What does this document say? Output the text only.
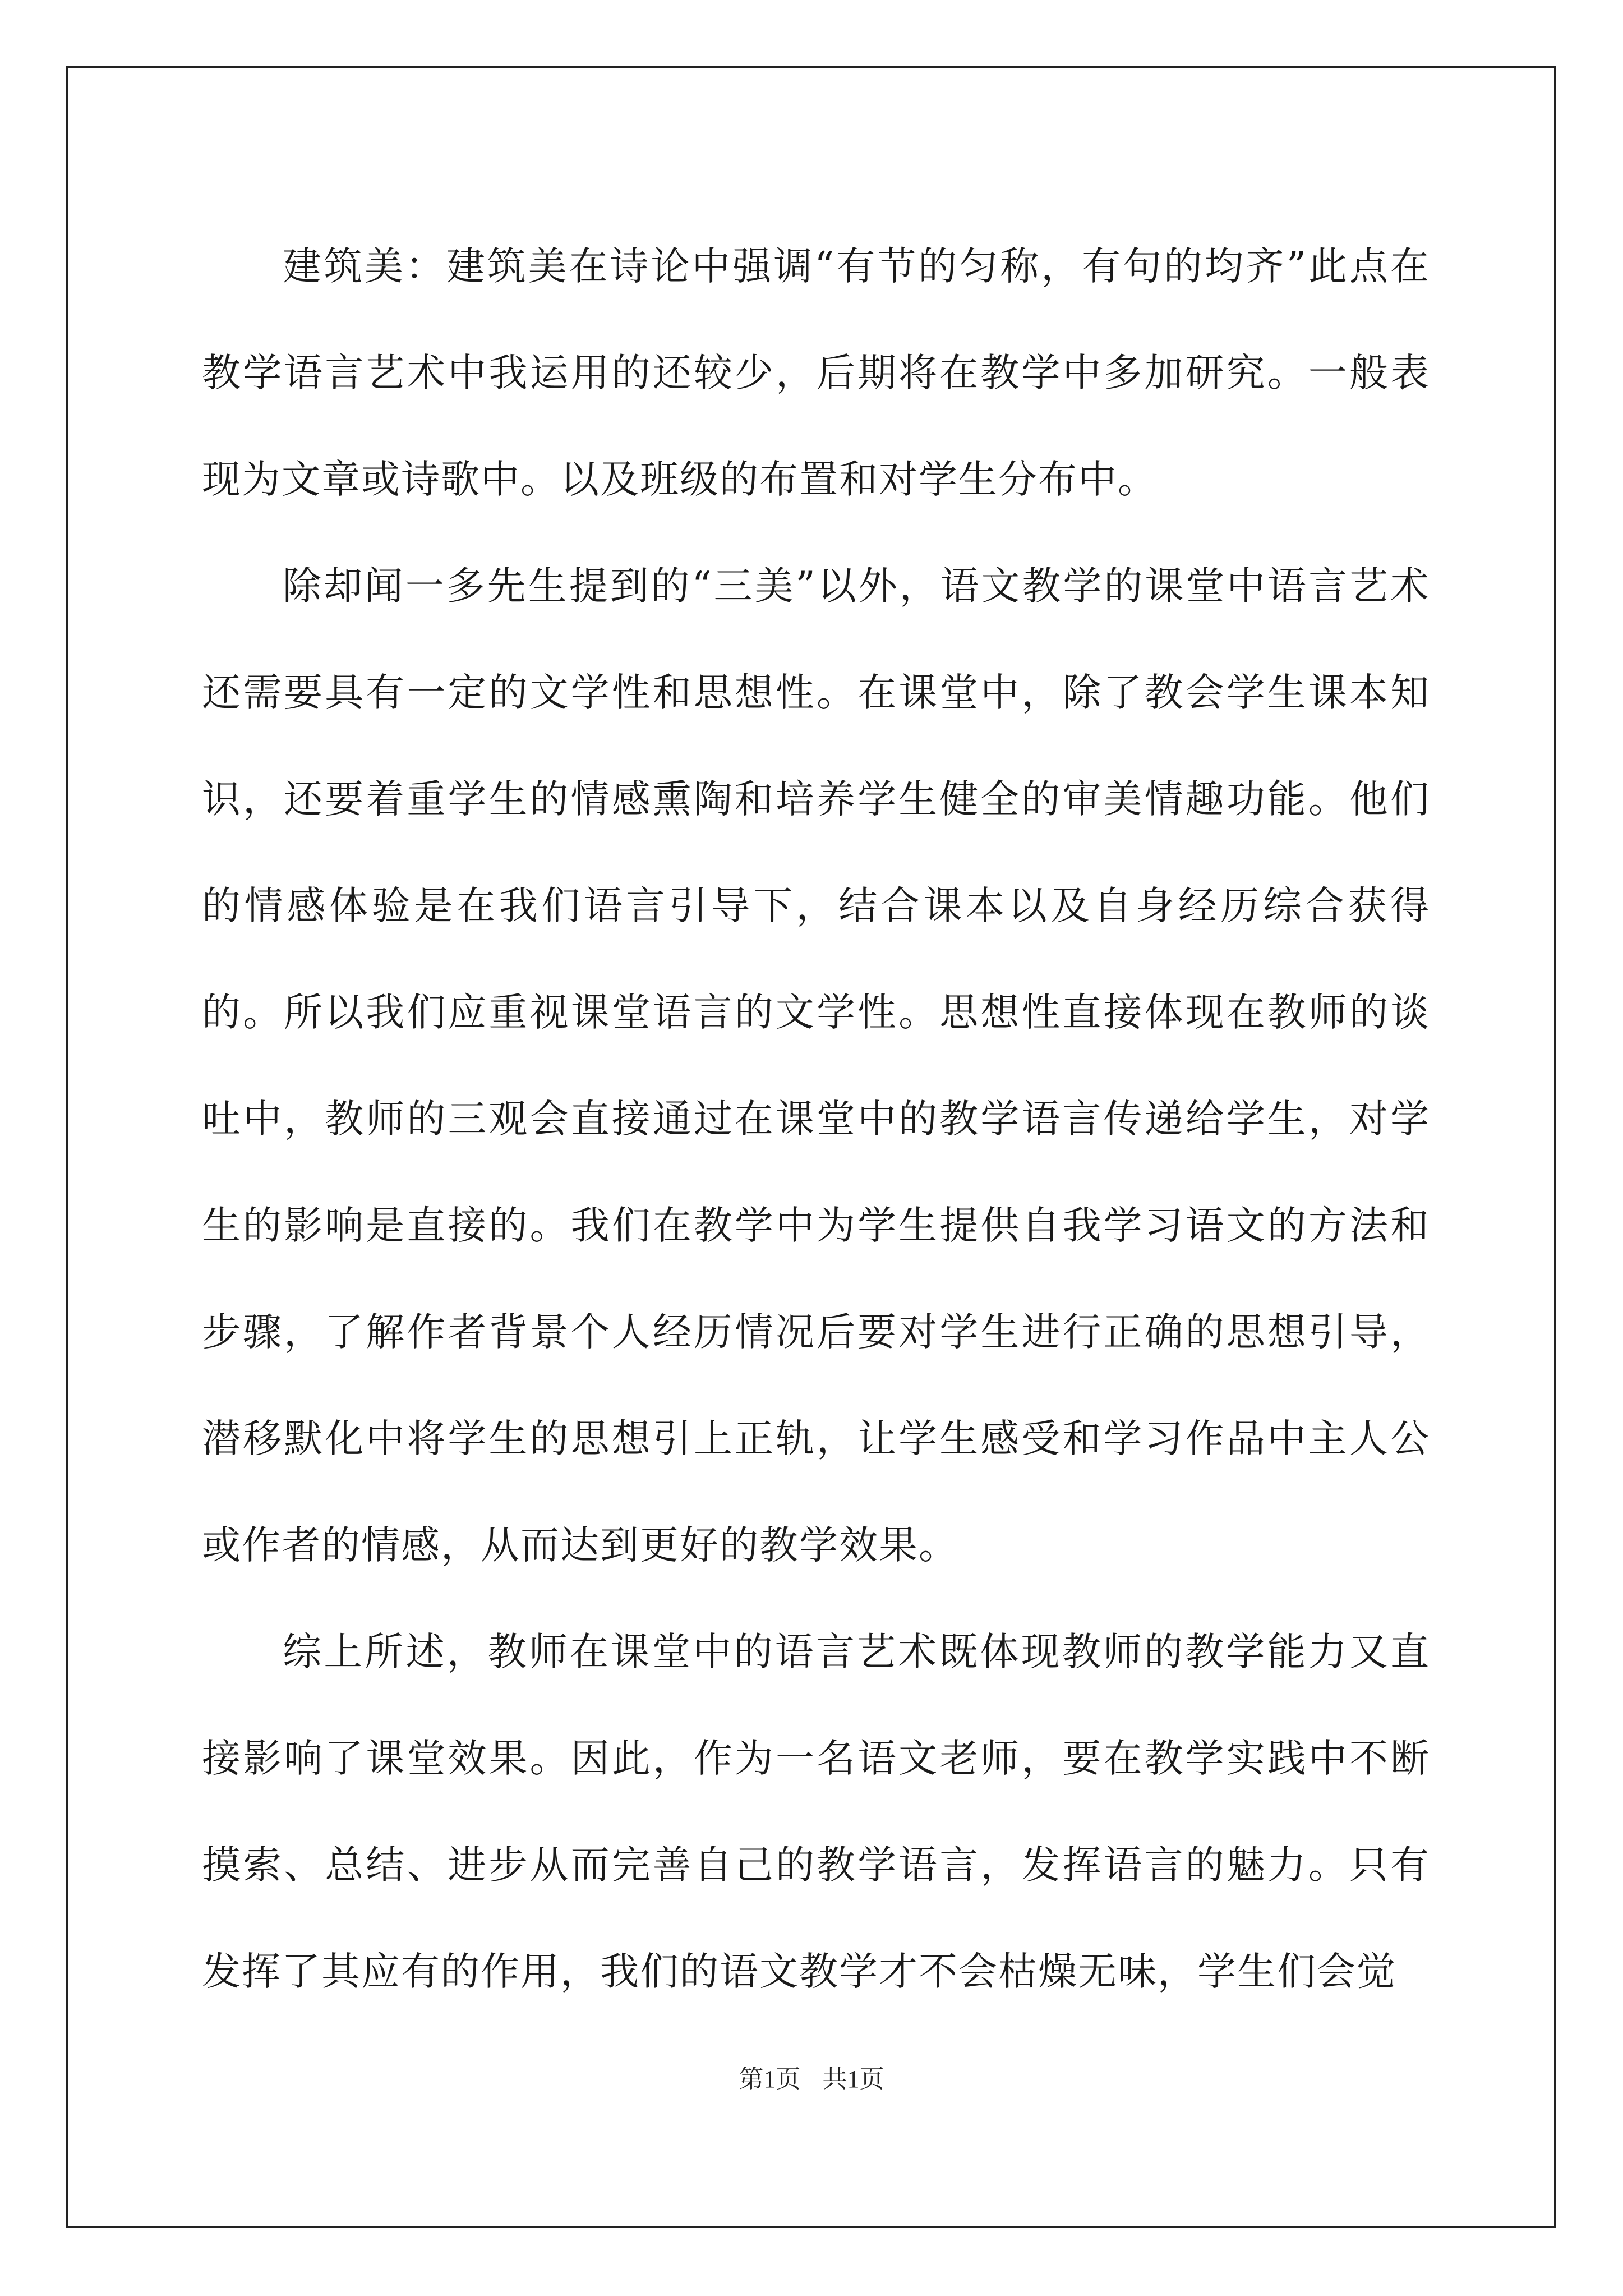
建筑美：建筑美在诗论中强调“有节的匀称，有句的均齐”此点在教学语言艺术中我运用的还较少，后期将在教学中多加研究。一般表现为文章或诗歌中。以及班级的布置和对学生分布中。

除却闻一多先生提到的“三美”以外，语文教学的课堂中语言艺术还需要具有一定的文学性和思想性。在课堂中，除了教会学生课本知识，还要着重学生的情感熏陶和培养学生健全的审美情趣功能。他们的情感体验是在我们语言引导下，结合课本以及自身经历综合获得的。所以我们应重视课堂语言的文学性。思想性直接体现在教师的谈吐中，教师的三观会直接通过在课堂中的教学语言传递给学生，对学生的影响是直接的。我们在教学中为学生提供自我学习语文的方法和步骤，了解作者背景个人经历情况后要对学生进行正确的思想引导，潜移默化中将学生的思想引上正轨，让学生感受和学习作品中主人公或作者的情感，从而达到更好的教学效果。

综上所述，教师在课堂中的语言艺术既体现教师的教学能力又直接影响了课堂效果。因此，作为一名语文老师，要在教学实践中不断摸索、总结、进步从而完善自己的教学语言，发挥语言的魅力。只有发挥了其应有的作用，我们的语文教学才不会枯燥无味，学生们会觉

第1页 共1页
